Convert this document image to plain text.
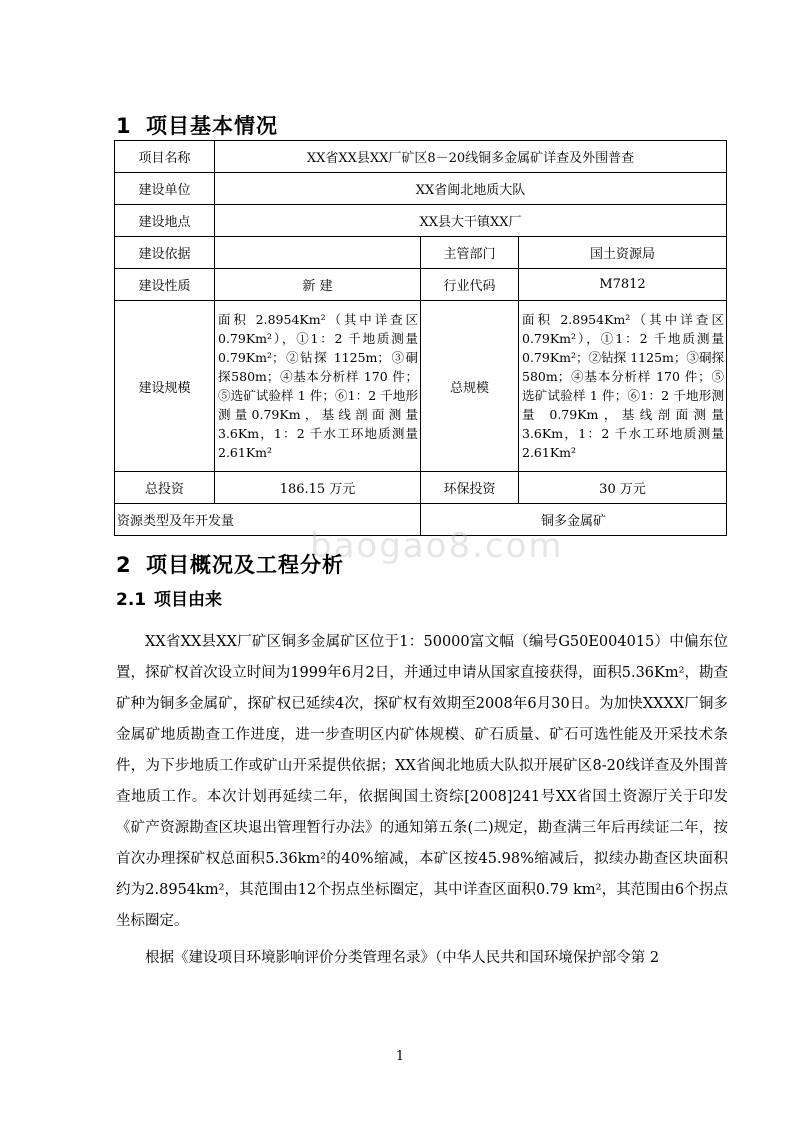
1 项目基本情况
项目名称	XX省XX县XX厂矿区8－20线铜多金属矿详查及外围普查		
建设单位	XX省闽北地质大队		
建设地点	XX县大干镇XX厂		
建设依据		主管部门	国土资源局
建设性质	新 建	行业代码	M7812
建设规模	面积 2.8954Km²（其中详查区0.79Km²），①1：2 千地质测量0.79Km²；②钻探 1125m；③硐探580m；④基本分析样 170 件；⑤选矿试验样 1 件；⑥1：2 千地形测量0.79Km，基线剖面测量 3.6Km，1：2 千水工环地质测量 2.61Km²	总规模	面积 2.8954Km²（其中详查区0.79Km²），①1：2 千地质测量0.79Km²；②钻探 1125m；③硐探580m；④基本分析样 170 件；⑤选矿试验样 1 件；⑥1：2 千地形测量 0.79Km，基线剖面测量3.6Km，1：2 千水工环地质测量2.61Km²
总投资	186.15 万元	环保投资	30 万元
资源类型及年开发量		铜多金属矿	
baogao8.com
2 项目概况及工程分析
2.1 项目由来

XX省XX县XX厂矿区铜多金属矿区位于1：50000富文幅（编号G50E004015）中偏东位置，探矿权首次设立时间为1999年6月2日，并通过申请从国家直接获得，面积5.36Km²，勘查矿种为铜多金属矿，探矿权已延续4次，探矿权有效期至2008年6月30日。为加快XXXX厂铜多金属矿地质勘查工作进度，进一步查明区内矿体规模、矿石质量、矿石可选性能及开采技术条件，为下步地质工作或矿山开采提供依据；XX省闽北地质大队拟开展矿区8-20线详查及外围普查地质工作。本次计划再延续二年，依据闽国土资综[2008]241号XX省国土资源厅关于印发《矿产资源勘查区块退出管理暂行办法》的通知第五条(二)规定，勘查满三年后再续证二年，按首次办理探矿权总面积5.36km²的40%缩减，本矿区按45.98%缩减后，拟续办勘查区块面积约为2.8954km²，其范围由12个拐点坐标圈定，其中详查区面积0.79 km²，其范围由6个拐点坐标圈定。

根据《建设项目环境影响评价分类管理名录》（中华人民共和国环境保护部令第 2

1
